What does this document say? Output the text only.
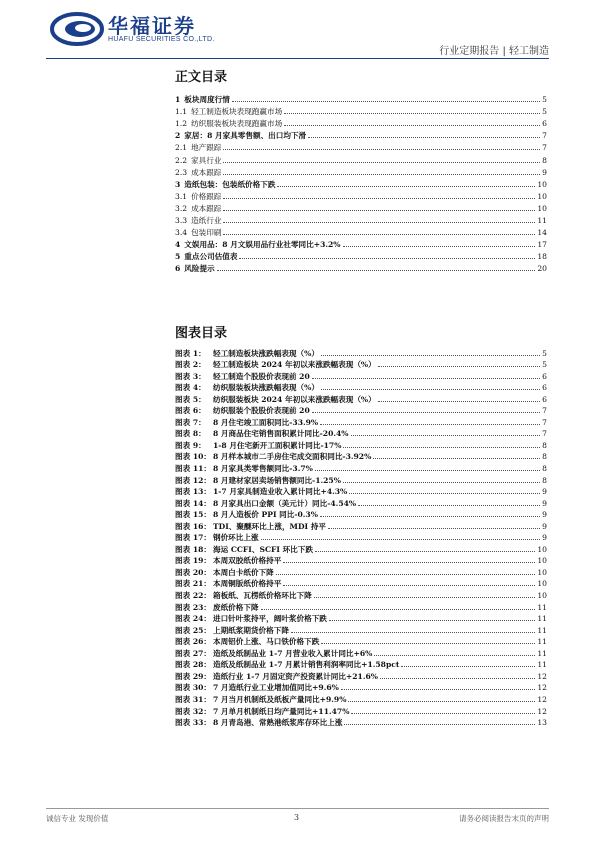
华福证券
HUAFU SECURITIES CO.,LTD.
行业定期报告 | 轻工制造
正文目录
1 板块周度行情	5
1.1 轻工制造板块表现跑赢市场	5
1.2 纺织服装板块表现跑赢市场	6
2 家居：8 月家具零售额、出口均下滑	7
2.1 地产跟踪	7
2.2 家具行业	8
2.3 成本跟踪	9
3 造纸包装：包装纸价格下跌	10
3.1 价格跟踪	10
3.2 成本跟踪	10
3.3 造纸行业	11
3.4 包装印刷	14
4 文娱用品：8 月文娱用品行业社零同比+3.2%	17
5 重点公司估值表	18
6 风险提示	20
图表目录
图表 1： 轻工制造板块涨跌幅表现（%）	5
图表 2： 轻工制造板块 2024 年初以来涨跌幅表现（%）	5
图表 3： 轻工制造个股股价表现前 20	6
图表 4： 纺织服装板块涨跌幅表现（%）	6
图表 5： 纺织服装板块 2024 年初以来涨跌幅表现（%）	6
图表 6： 纺织服装个股股价表现前 20	7
图表 7： 8 月住宅竣工面积同比-33.9%	7
图表 8： 8 月商品住宅销售面积累计同比-20.4%	7
图表 9： 1-8 月住宅新开工面积累计同比-17%	8
图表 10： 8 月样本城市二手房住宅成交面积同比-3.92%	8
图表 11： 8 月家具类零售额同比-3.7%	8
图表 12： 8 月建材家居卖场销售额同比-1.25%	8
图表 13： 1-7 月家具制造业收入累计同比+4.3%	9
图表 14： 8 月家具出口金额（美元计）同比-4.54%	9
图表 15： 8 月人造板价 PPI 同比-0.3%	9
图表 16： TDI、聚醚环比上涨，MDI 持平	9
图表 17： 钢价环比上涨	9
图表 18： 海运 CCFI、SCFI 环比下跌	10
图表 19： 本周双胶纸价格持平	10
图表 20： 本周白卡纸价下降	10
图表 21： 本周铜版纸价格持平	10
图表 22： 箱板纸、瓦楞纸价格环比下降	10
图表 23： 废纸价格下降	11
图表 24： 进口针叶浆持平，阔叶浆价格下跌	11
图表 25： 上期纸浆期货价格下降	11
图表 26： 本周铝价上涨、马口铁价格下跌	11
图表 27： 造纸及纸制品业 1-7 月营业收入累计同比+6%	11
图表 28： 造纸及纸制品业 1-7 月累计销售利润率同比+1.58pct	11
图表 29： 造纸行业 1-7 月固定资产投资累计同比+21.6%	12
图表 30： 7 月造纸行业工业增加值同比+9.6%	12
图表 31： 7 月当月机制纸及纸板产量同比+9.9%	12
图表 32： 7 月单月机制纸日均产量同比+11.47%	12
图表 33： 8 月青岛港、常熟港纸浆库存环比上涨	13
诚信专业 发现价值	3	请务必阅读报告末页的声明
